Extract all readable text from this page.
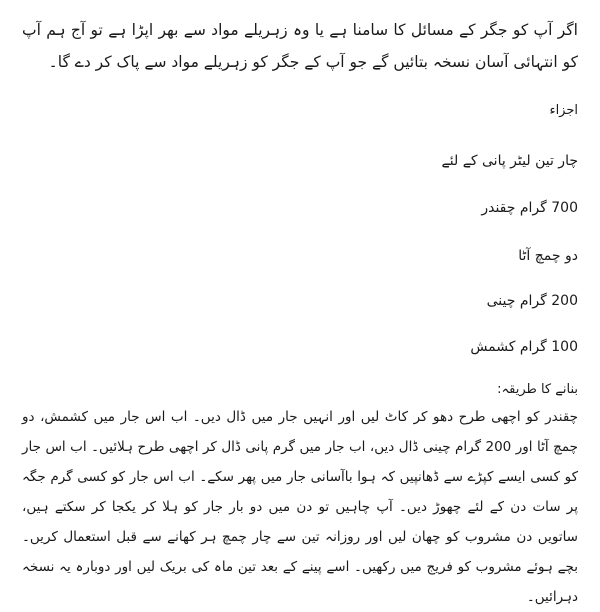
اگر آپ کو جگر کے مسائل کا سامنا ہے یا وہ زہریلے مواد سے بھر اپڑا ہے تو آج ہم آپ کو انتہائی آسان نسخہ بتائیں گے جو آپ کے جگر کو زہریلے مواد سے پاک کر دے گا۔

اجزاء
چار تین لیٹر پانی کے لئے
700 گرام چقندر
دو چمچ آٹا
200 گرام چینی
100 گرام کشمش
بنانے کا طریقہ:

چقندر کو اچھی طرح دھو کر کاٹ لیں اور انہیں جار میں ڈال دیں۔ اب اس جار میں کشمش، دو چمچ آٹا اور 200 گرام چینی ڈال دیں، اب جار میں گرم پانی ڈال کر اچھی طرح ہلائیں۔ اب اس جار کو کسی ایسے کپڑے سے ڈھانپیں کہ ہوا باآسانی جار میں پھر سکے۔ اب اس جار کو کسی گرم جگہ پر سات دن کے لئے چھوڑ دیں۔ آپ چاہیں تو دن میں دو بار جار کو ہلا کر یکجا کر سکتے ہیں، ساتویں دن مشروب کو چھان لیں اور روزانہ تین سے چار چمچ ہر کھانے سے قبل استعمال کریں۔ بچے ہوئے مشروب کو فریج میں رکھیں۔ اسے پینے کے بعد تین ماہ کی بریک لیں اور دوبارہ یہ نسخہ دہرائیں۔
